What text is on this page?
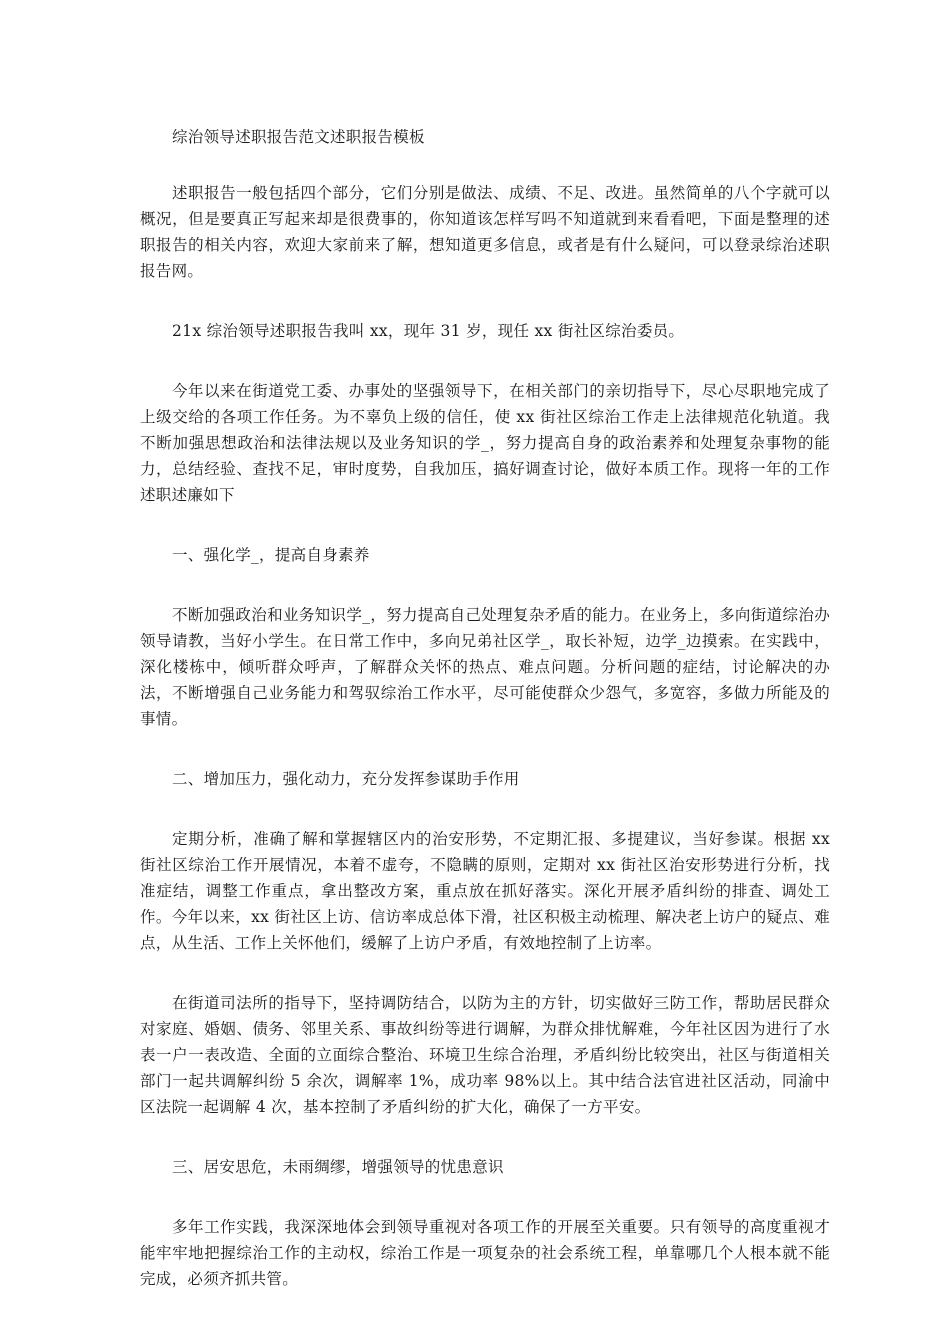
综治领导述职报告范文述职报告模板

述职报告一般包括四个部分，它们分别是做法、成绩、不足、改进。虽然简单的八个字就可以概况，但是要真正写起来却是很费事的，你知道该怎样写吗不知道就到来看看吧，下面是整理的述职报告的相关内容，欢迎大家前来了解，想知道更多信息，或者是有什么疑问，可以登录综治述职报告网。

21x 综治领导述职报告我叫 xx，现年 31 岁，现任 xx 街社区综治委员。

今年以来在街道党工委、办事处的坚强领导下，在相关部门的亲切指导下，尽心尽职地完成了上级交给的各项工作任务。为不辜负上级的信任，使 xx 街社区综治工作走上法律规范化轨道。我不断加强思想政治和法律法规以及业务知识的学_，努力提高自身的政治素养和处理复杂事物的能力，总结经验、查找不足，审时度势，自我加压，搞好调查讨论，做好本质工作。现将一年的工作述职述廉如下

一、强化学_，提高自身素养

不断加强政治和业务知识学_，努力提高自己处理复杂矛盾的能力。在业务上，多向街道综治办领导请教，当好小学生。在日常工作中，多向兄弟社区学_，取长补短，边学_边摸索。在实践中，深化楼栋中，倾听群众呼声，了解群众关怀的热点、难点问题。分析问题的症结，讨论解决的办法，不断增强自己业务能力和驾驭综治工作水平，尽可能使群众少怨气，多宽容，多做力所能及的事情。

二、增加压力，强化动力，充分发挥参谋助手作用

定期分析，准确了解和掌握辖区内的治安形势，不定期汇报、多提建议，当好参谋。根据 xx 街社区综治工作开展情况，本着不虚夸，不隐瞒的原则，定期对 xx 街社区治安形势进行分析，找准症结，调整工作重点，拿出整改方案，重点放在抓好落实。深化开展矛盾纠纷的排查、调处工作。今年以来，xx 街社区上访、信访率成总体下滑，社区积极主动梳理、解决老上访户的疑点、难点，从生活、工作上关怀他们，缓解了上访户矛盾，有效地控制了上访率。

在街道司法所的指导下，坚持调防结合，以防为主的方针，切实做好三防工作，帮助居民群众对家庭、婚姻、债务、邻里关系、事故纠纷等进行调解，为群众排忧解难，今年社区因为进行了水表一户一表改造、全面的立面综合整治、环境卫生综合治理，矛盾纠纷比较突出，社区与街道相关部门一起共调解纠纷 5 余次，调解率 1%，成功率 98%以上。其中结合法官进社区活动，同渝中区法院一起调解 4 次，基本控制了矛盾纠纷的扩大化，确保了一方平安。

三、居安思危，未雨绸缪，增强领导的忧患意识

多年工作实践，我深深地体会到领导重视对各项工作的开展至关重要。只有领导的高度重视才能牢牢地把握综治工作的主动权，综治工作是一项复杂的社会系统工程，单靠哪几个人根本就不能完成，必须齐抓共管。
